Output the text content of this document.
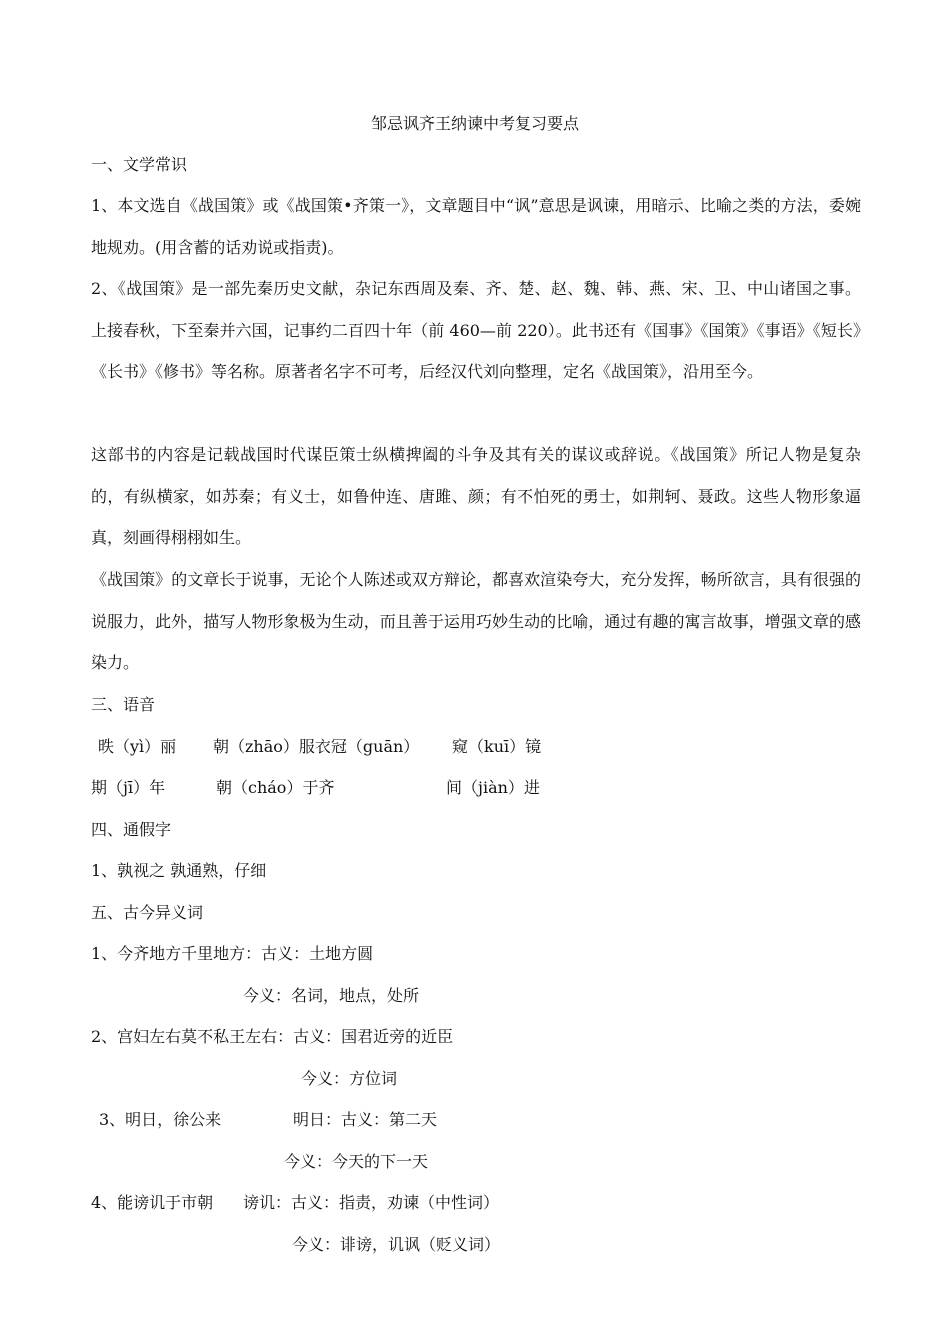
邹忌讽齐王纳谏中考复习要点
一、文学常识
1、本文选自《战国策》或《战国策•齐策一》，文章题目中“讽”意思是讽谏，用暗示、比喻之类的方法，委婉地规劝。(用含蓄的话劝说或指责)。
2、《战国策》是一部先秦历史文献，杂记东西周及秦、齐、楚、赵、魏、韩、燕、宋、卫、中山诸国之事。上接春秋，下至秦并六国，记事约二百四十年（前 460—前 220）。此书还有《国事》《国策》《事语》《短长》《长书》《修书》等名称。原著者名字不可考，后经汉代刘向整理，定名《战国策》，沿用至今。
这部书的内容是记载战国时代谋臣策士纵横捭阖的斗争及其有关的谋议或辞说。《战国策》所记人物是复杂的，有纵横家，如苏秦；有义士，如鲁仲连、唐雎、颜；有不怕死的勇士，如荆轲、聂政。这些人物形象逼真，刻画得栩栩如生。
《战国策》的文章长于说事，无论个人陈述或双方辩论，都喜欢渲染夸大，充分发挥，畅所欲言，具有很强的说服力，此外，描写人物形象极为生动，而且善于运用巧妙生动的比喻，通过有趣的寓言故事，增强文章的感染力。
三、语音
昳（yì）丽 朝（zhāo）服衣冠（guān） 窥（kuī）镜
期（jī）年	朝（cháo）于齐	间（jiàn）进
四、通假字
1、孰视之 孰通熟，仔细
五、古今异义词
1、今齐地方千里地方：古义：土地方圆
今义：名词，地点，处所
2、宫妇左右莫不私王左右：古义：国君近旁的近臣
今义：方位词
3、明日，徐公来	明日：古义：第二天
今义：今天的下一天
4、能谤讥于市朝 谤讥：古义：指责，劝谏（中性词）
今义：诽谤，讥讽（贬义词）
